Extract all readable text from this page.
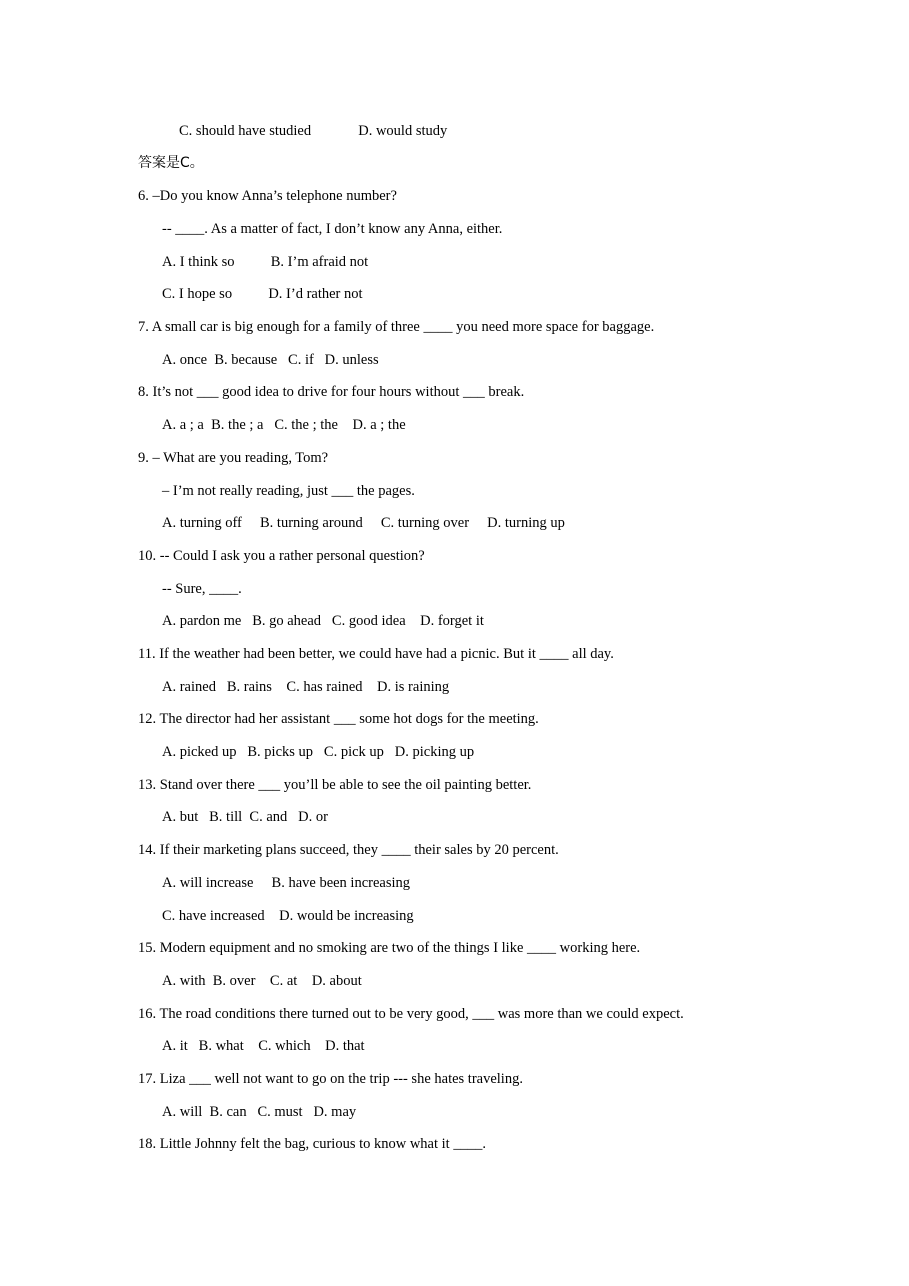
C. should have studied             D. would study
答案是C。
6. –Do you know Anna’s telephone number?
-- ____. As a matter of fact, I don’t know any Anna, either.
A. I think so          B. I’m afraid not
C. I hope so          D. I’d rather not
7. A small car is big enough for a family of three ____ you need more space for baggage.
A. once  B. because   C. if   D. unless
8. It’s not ___ good idea to drive for four hours without ___ break.
A. a ; a  B. the ; a   C. the ; the    D. a ; the
9. – What are you reading, Tom?
– I’m not really reading, just ___ the pages.
A. turning off     B. turning around     C. turning over     D. turning up
10. -- Could I ask you a rather personal question?
-- Sure, ____.
A. pardon me   B. go ahead   C. good idea    D. forget it
11. If the weather had been better, we could have had a picnic. But it ____ all day.
A. rained   B. rains    C. has rained    D. is raining
12. The director had her assistant ___ some hot dogs for the meeting.
A. picked up   B. picks up   C. pick up   D. picking up
13. Stand over there ___ you’ll be able to see the oil painting better.
A. but   B. till  C. and   D. or
14. If their marketing plans succeed, they ____ their sales by 20 percent.
A. will increase     B. have been increasing
C. have increased    D. would be increasing
15. Modern equipment and no smoking are two of the things I like ____ working here.
A. with  B. over    C. at    D. about
16. The road conditions there turned out to be very good, ___ was more than we could expect.
A. it   B. what    C. which    D. that
17. Liza ___ well not want to go on the trip --- she hates traveling.
A. will  B. can   C. must   D. may
18. Little Johnny felt the bag, curious to know what it ____.
